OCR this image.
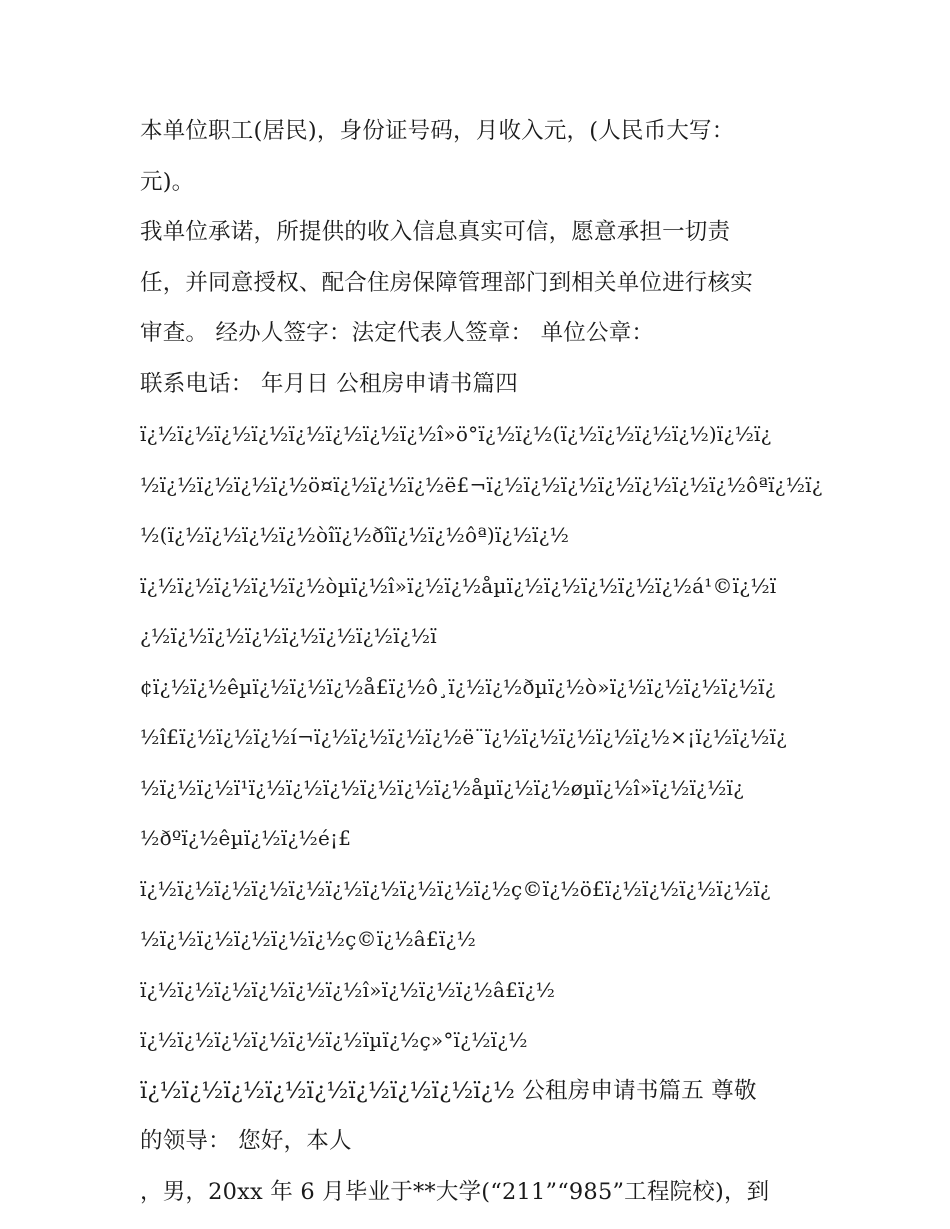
本单位职工(居民)，身份证号码，月收入元，(人民币大写：
元)。
我单位承诺，所提供的收入信息真实可信，愿意承担一切责
任，并同意授权、配合住房保障管理部门到相关单位进行核实
审查。 经办人签字：法定代表人签章： 单位公章：
联系电话： 年月日 公租房申请书篇四
ï¿½ï¿½ï¿½ï¿½ï¿½ï¿½ï¿½ï¿½î»ö°ï¿½ï¿½(ï¿½ï¿½ï¿½ï¿½)ï¿½ï¿
½ï¿½ï¿½ï¿½ï¿½ö¤ï¿½ï¿½ï¿½ë£¬ï¿½ï¿½ï¿½ï¿½ï¿½ï¿½ï¿½ôªï¿½ï¿
½(ï¿½ï¿½ï¿½ï¿½òîï¿½ðîï¿½ï¿½ôª)ï¿½ï¿½
ï¿½ï¿½ï¿½ï¿½ï¿½òµï¿½î»ï¿½ï¿½åµï¿½ï¿½ï¿½ï¿½ï¿½á¹©ï¿½ï
¿½ï¿½ï¿½ï¿½ï¿½ï¿½ï¿½ï¿½ï
¢ï¿½ï¿½êµï¿½ï¿½ï¿½å£ï¿½ô¸ï¿½ï¿½ðµï¿½ò»ï¿½ï¿½ï¿½ï¿½ï¿
½î£ï¿½ï¿½ï¿½í¬ï¿½ï¿½ï¿½ï¿½ë¨ï¿½ï¿½ï¿½ï¿½ï¿½×¡ï¿½ï¿½ï¿
½ï¿½ï¿½ï¹ï¿½ï¿½ï¿½ï¿½ï¿½ï¿½åµï¿½ï¿½øµï¿½î»ï¿½ï¿½ï¿
½ðºï¿½êµï¿½ï¿½é¡£
ï¿½ï¿½ï¿½ï¿½ï¿½ï¿½ï¿½ï¿½ï¿½ï¿½ç©ï¿½ö£ï¿½ï¿½ï¿½ï¿½ï¿
½ï¿½ï¿½ï¿½ï¿½ï¿½ç©ï¿½â£ï¿½
ï¿½ï¿½ï¿½ï¿½ï¿½ï¿½î»ï¿½ï¿½ï¿½â£ï¿½
ï¿½ï¿½ï¿½ï¿½ï¿½ï¿½ïµï¿½ç»°ï¿½ï¿½
ï¿½ï¿½ï¿½ï¿½ï¿½ï¿½ï¿½ï¿½ï¿½ 公租房申请书篇五 尊敬
的领导： 您好，本人
，男，20xx 年 6 月毕业于**大学(“211”“985”工程院校)，到
